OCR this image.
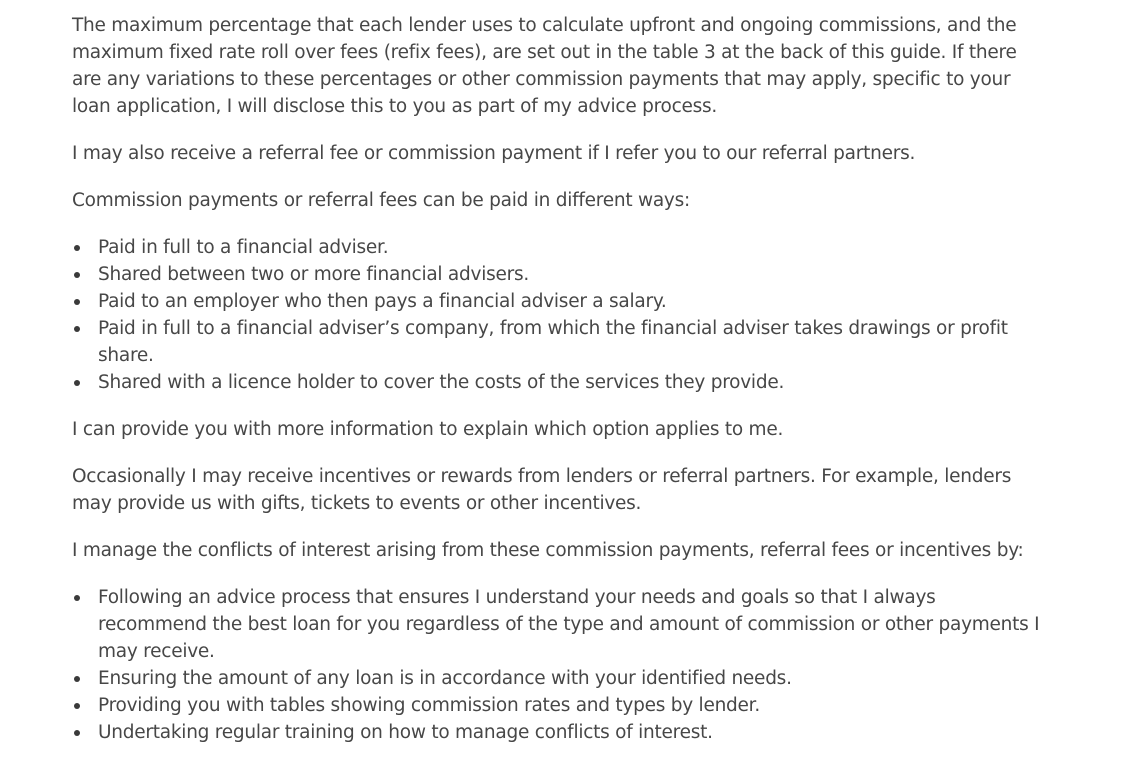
The maximum percentage that each lender uses to calculate upfront and ongoing commissions, and the maximum fixed rate roll over fees (refix fees), are set out in the table 3 at the back of this guide. If there are any variations to these percentages or other commission payments that may apply, specific to your loan application, I will disclose this to you as part of my advice process.

I may also receive a referral fee or commission payment if I refer you to our referral partners.

Commission payments or referral fees can be paid in different ways:

Paid in full to a financial adviser.
Shared between two or more financial advisers.
Paid to an employer who then pays a financial adviser a salary.
Paid in full to a financial adviser’s company, from which the financial adviser takes drawings or profit share.
Shared with a licence holder to cover the costs of the services they provide.

I can provide you with more information to explain which option applies to me.

Occasionally I may receive incentives or rewards from lenders or referral partners. For example, lenders may provide us with gifts, tickets to events or other incentives.

I manage the conflicts of interest arising from these commission payments, referral fees or incentives by:

Following an advice process that ensures I understand your needs and goals so that I always recommend the best loan for you regardless of the type and amount of commission or other payments I may receive.
Ensuring the amount of any loan is in accordance with your identified needs.
Providing you with tables showing commission rates and types by lender.
Undertaking regular training on how to manage conflicts of interest.
